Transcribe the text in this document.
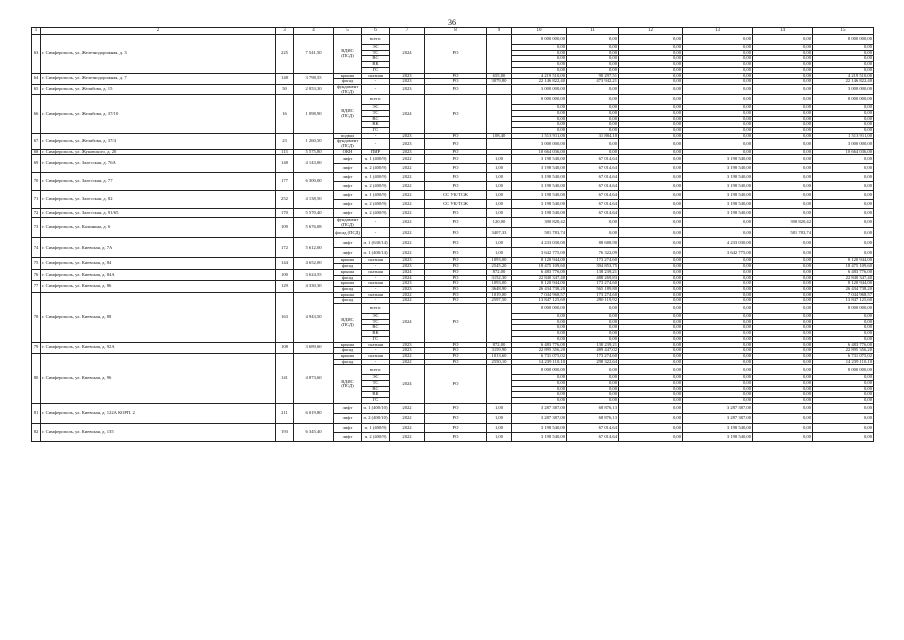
36
1	2	3	4	5	6	7	8	9	10	11	12	13	14	15
63	г. Симферополь, ул. Железнодорожная, д. 3	225	7 541,50	ВДИС (ПСД)	всего:	2024	РО		8 000 000,00	0,00	0,00	0,00	0,00	8 000 000,00
					ЭС				0,00	0,00	0,00	0,00	0,00	0,00
					ТС				0,00	0,00	0,00	0,00	0,00	0,00
					ВС				0,00	0,00	0,00	0,00	0,00	0,00
					ВК				0,00	0,00	0,00	0,00	0,00	0,00
					ГС				0,00	0,00	0,00	0,00	0,00	0,00
64	г. Симферополь, ул. Железнодорожная, д. 7	148	3 798,55	крыша	скатная	2023	РО	655,00	4 219 510,00	90 297,51	0,00	0,00	0,00	4 219 510,00
				фасад	-	2023	РО	3079,80	22 146 822,40	473 942,21	0,00	0,00	0,00	22 146 822,40
65	г. Симферополь, ул. Желябова, д. 15	50	2 053,30	фундамент (ПСД)	-	2023	РО		3 000 000,00	0,00	0,00	0,00	0,00	3 000 000,00
66	г. Симферополь, ул. Желябова, д. 37/10	16	1 098,90	ВДИС (ПСД)	всего:	2024	РО		8 000 000,00	0,00	0,00	0,00	0,00	8 000 000,00
					ЭС				0,00	0,00	0,00	0,00	0,00	0,00
					ТС				0,00	0,00	0,00	0,00	0,00	0,00
					ВС				0,00	0,00	0,00	0,00	0,00	0,00
					ВК				0,00	0,00	0,00	0,00	0,00	0,00
					ГС				0,00	0,00	0,00	0,00	0,00	0,00
67	г. Симферополь, ул. Желябова, д. 37/4	23	1 260,50	подвал	-	2023	РО	108,40	1 513 911,00	31 884,10	0,00	0,00	0,00	1 513 911,00
				фундамент (ПСД)	-	2023	РО		3 000 000,00	0,00	0,00	0,00	0,00	3 000 000,00
68	г. Симферополь, ул. Жуковского, д. 20	115	5 575,80	ОКН	ПИР	2023	РО		10 664 036,00	0,00	0,00	0,00	0,00	10 664 036,00
69	г. Симферополь, ул. Залесская, д. 76А	148	4 143,00	лифт	п. 1 (400/9)	2022	РО	1,00	3 198 540,00	67 014,64	0,00	3 198 540,00	0,00	0,00
				лифт	п. 2 (400/9)	2022	РО	1,00	3 198 540,00	67 014,64	0,00	3 198 540,00	0,00	0,00
70	г. Симферополь, ул. Залесская, д. 77	177	6 300,00	лифт	п. 1 (400/9)	2022	РО	1,00	3 198 540,00	67 014,64	0,00	3 198 540,00	0,00	0,00
				лифт	п. 2 (400/9)	2022	РО	1,00	3 198 540,00	67 014,64	0,00	3 198 540,00	0,00	0,00
71	г. Симферополь, ул. Залесская, д. 82	252	4 138,50	лифт	п. 1 (400/9)	2022	СС УК/ТСЖ	1,00	3 198 540,00	67 014,64	0,00	3 198 540,00	0,00	0,00
				лифт	п. 2 (400/9)	2022	СС УК/ТСЖ	1,00	3 198 540,00	67 014,64	0,00	3 198 540,00	0,00	0,00
72	г. Симферополь, ул. Залесская, д. 91/65	170	5 570,40	лифт	п. 2 (400/9)	2022	РО	1,00	3 198 540,00	67 014,64	0,00	3 198 540,00	0,00	0,00
73	г. Симферополь, ул. Калинина, д. 6	109	5 676,08	фундамент (ПСД)	-	2022	РО	120,00	390 820,42	0,00	0,00	0,00	390 820,42	0,00
				фасад (ПСД)	-	2022	РО	3407,33	581 783,74	0,00	0,00	0,00	581 783,74	0,00
74	г. Симферополь, ул. Киевская, д. 7А	172	5 612,00	лифт	п. 1 (630/14)	2022	РО	1,00	4 233 030,00	88 688,90	0,00	4 233 030,00	0,00	0,00
				лифт	п. 1 (400/14)	2022	РО	1,00	3 642 775,00	76 322,09	0,00	3 642 775,00	0,00	0,00
75	г. Симферополь, ул. Киевская, д. 84	144	4 652,00	крыша	скатная	2023	РО	1093,00	8 120 944,00	173 274,60	0,00	0,00	0,00	8 120 944,00
				фасад	-	2023	РО	2545,20	18 475 109,60	394 853,75	0,00	0,00	0,00	18 475 109,60
76	г. Симферополь, ул. Киевская, д. 84А	100	3 624,55	крыша	скатная	2024	РО	872,00	6 483 776,00	138 239,21	0,00	0,00	0,00	6 483 776,00
				фасад	-	2024	РО	3152,30	22 840 347,40	488 269,83	0,00	0,00	0,00	22 840 347,40
77	г. Симферополь, ул. Киевская, д. 86	129	4 330,30	крыша	скатная	2023	РО	1093,00	8 120 944,00	173 274,60	0,00	0,00	0,00	8 120 944,00
				фасад	-	2023	РО	3648,90	26 434 738,20	565 189,80	0,00	0,00	0,00	26 434 738,20
78	г. Симферополь, ул. Киевская, д. 88	163	4 943,50	крыша	скатная	2022	РО	1019,00	7 044 968,57	173 274,60	0,00	0,00	0,00	7 044 968,57
				фасад	-	2022	РО	2597,50	13 847 125,60	290 119,92	0,00	0,00	0,00	13 847 125,60
				ВДИС (ПСД)	всего:	2024	РО		8 000 000,00	0,00	0,00	0,00	0,00	8 000 000,00
					ЭС				0,00	0,00	0,00	0,00	0,00	0,00
					ТС				0,00	0,00	0,00	0,00	0,00	0,00
					ВС				0,00	0,00	0,00	0,00	0,00	0,00
					ВК				0,00	0,00	0,00	0,00	0,00	0,00
					ГС				0,00	0,00	0,00	0,00	0,00	0,00
79	г. Симферополь, ул. Киевская, д. 92А	108	3 689,60	крыша	скатная	2023	РО	872,00	6 483 776,00	138 239,21	0,00	0,00	0,00	6 483 776,00
				фасад	-	2023	РО	3159,90	22 895 356,20	489 447,02	0,00	0,00	0,00	22 895 356,20
80	г. Симферополь, ул. Киевская, д. 96	141	4 873,60	крыша	скатная	2022	РО	1013,60	6 731 075,02	173 274,60	0,00	0,00	0,00	6 731 075,02
				фасад	-	2022	РО	2550,10	14 239 110,10	298 322,64	0,00	0,00	0,00	14 239 110,10
				ВДИС (ПСД)	всего:	2024	РО		8 000 000,00	0,00	0,00	0,00	0,00	8 000 000,00
					ЭС				0,00	0,00	0,00	0,00	0,00	0,00
					ТС				0,00	0,00	0,00	0,00	0,00	0,00
					ВС				0,00	0,00	0,00	0,00	0,00	0,00
					ВК				0,00	0,00	0,00	0,00	0,00	0,00
					ГС				0,00	0,00	0,00	0,00	0,00	0,00
81	г. Симферополь, ул. Киевская, д. 122А КОРП. 2	211	6 019,80	лифт	п. 1 (400/10)	2022	РО	1,00	3 287 387,00	68 876,13	0,00	3 287 387,00	0,00	0,00
				лифт	п. 2 (400/10)	2022	РО	1,00	3 287 387,00	68 876,13	0,00	3 287 387,00	0,00	0,00
82	г. Симферополь, ул. Киевская, д. 135	193	6 345,40	лифт	п. 1 (400/9)	2022	РО	1,00	3 198 540,00	67 014,64	0,00	3 198 540,00	0,00	0,00
				лифт	п. 2 (400/9)	2022	РО	1,00	3 198 540,00	67 014,64	0,00	3 198 540,00	0,00	0,00
